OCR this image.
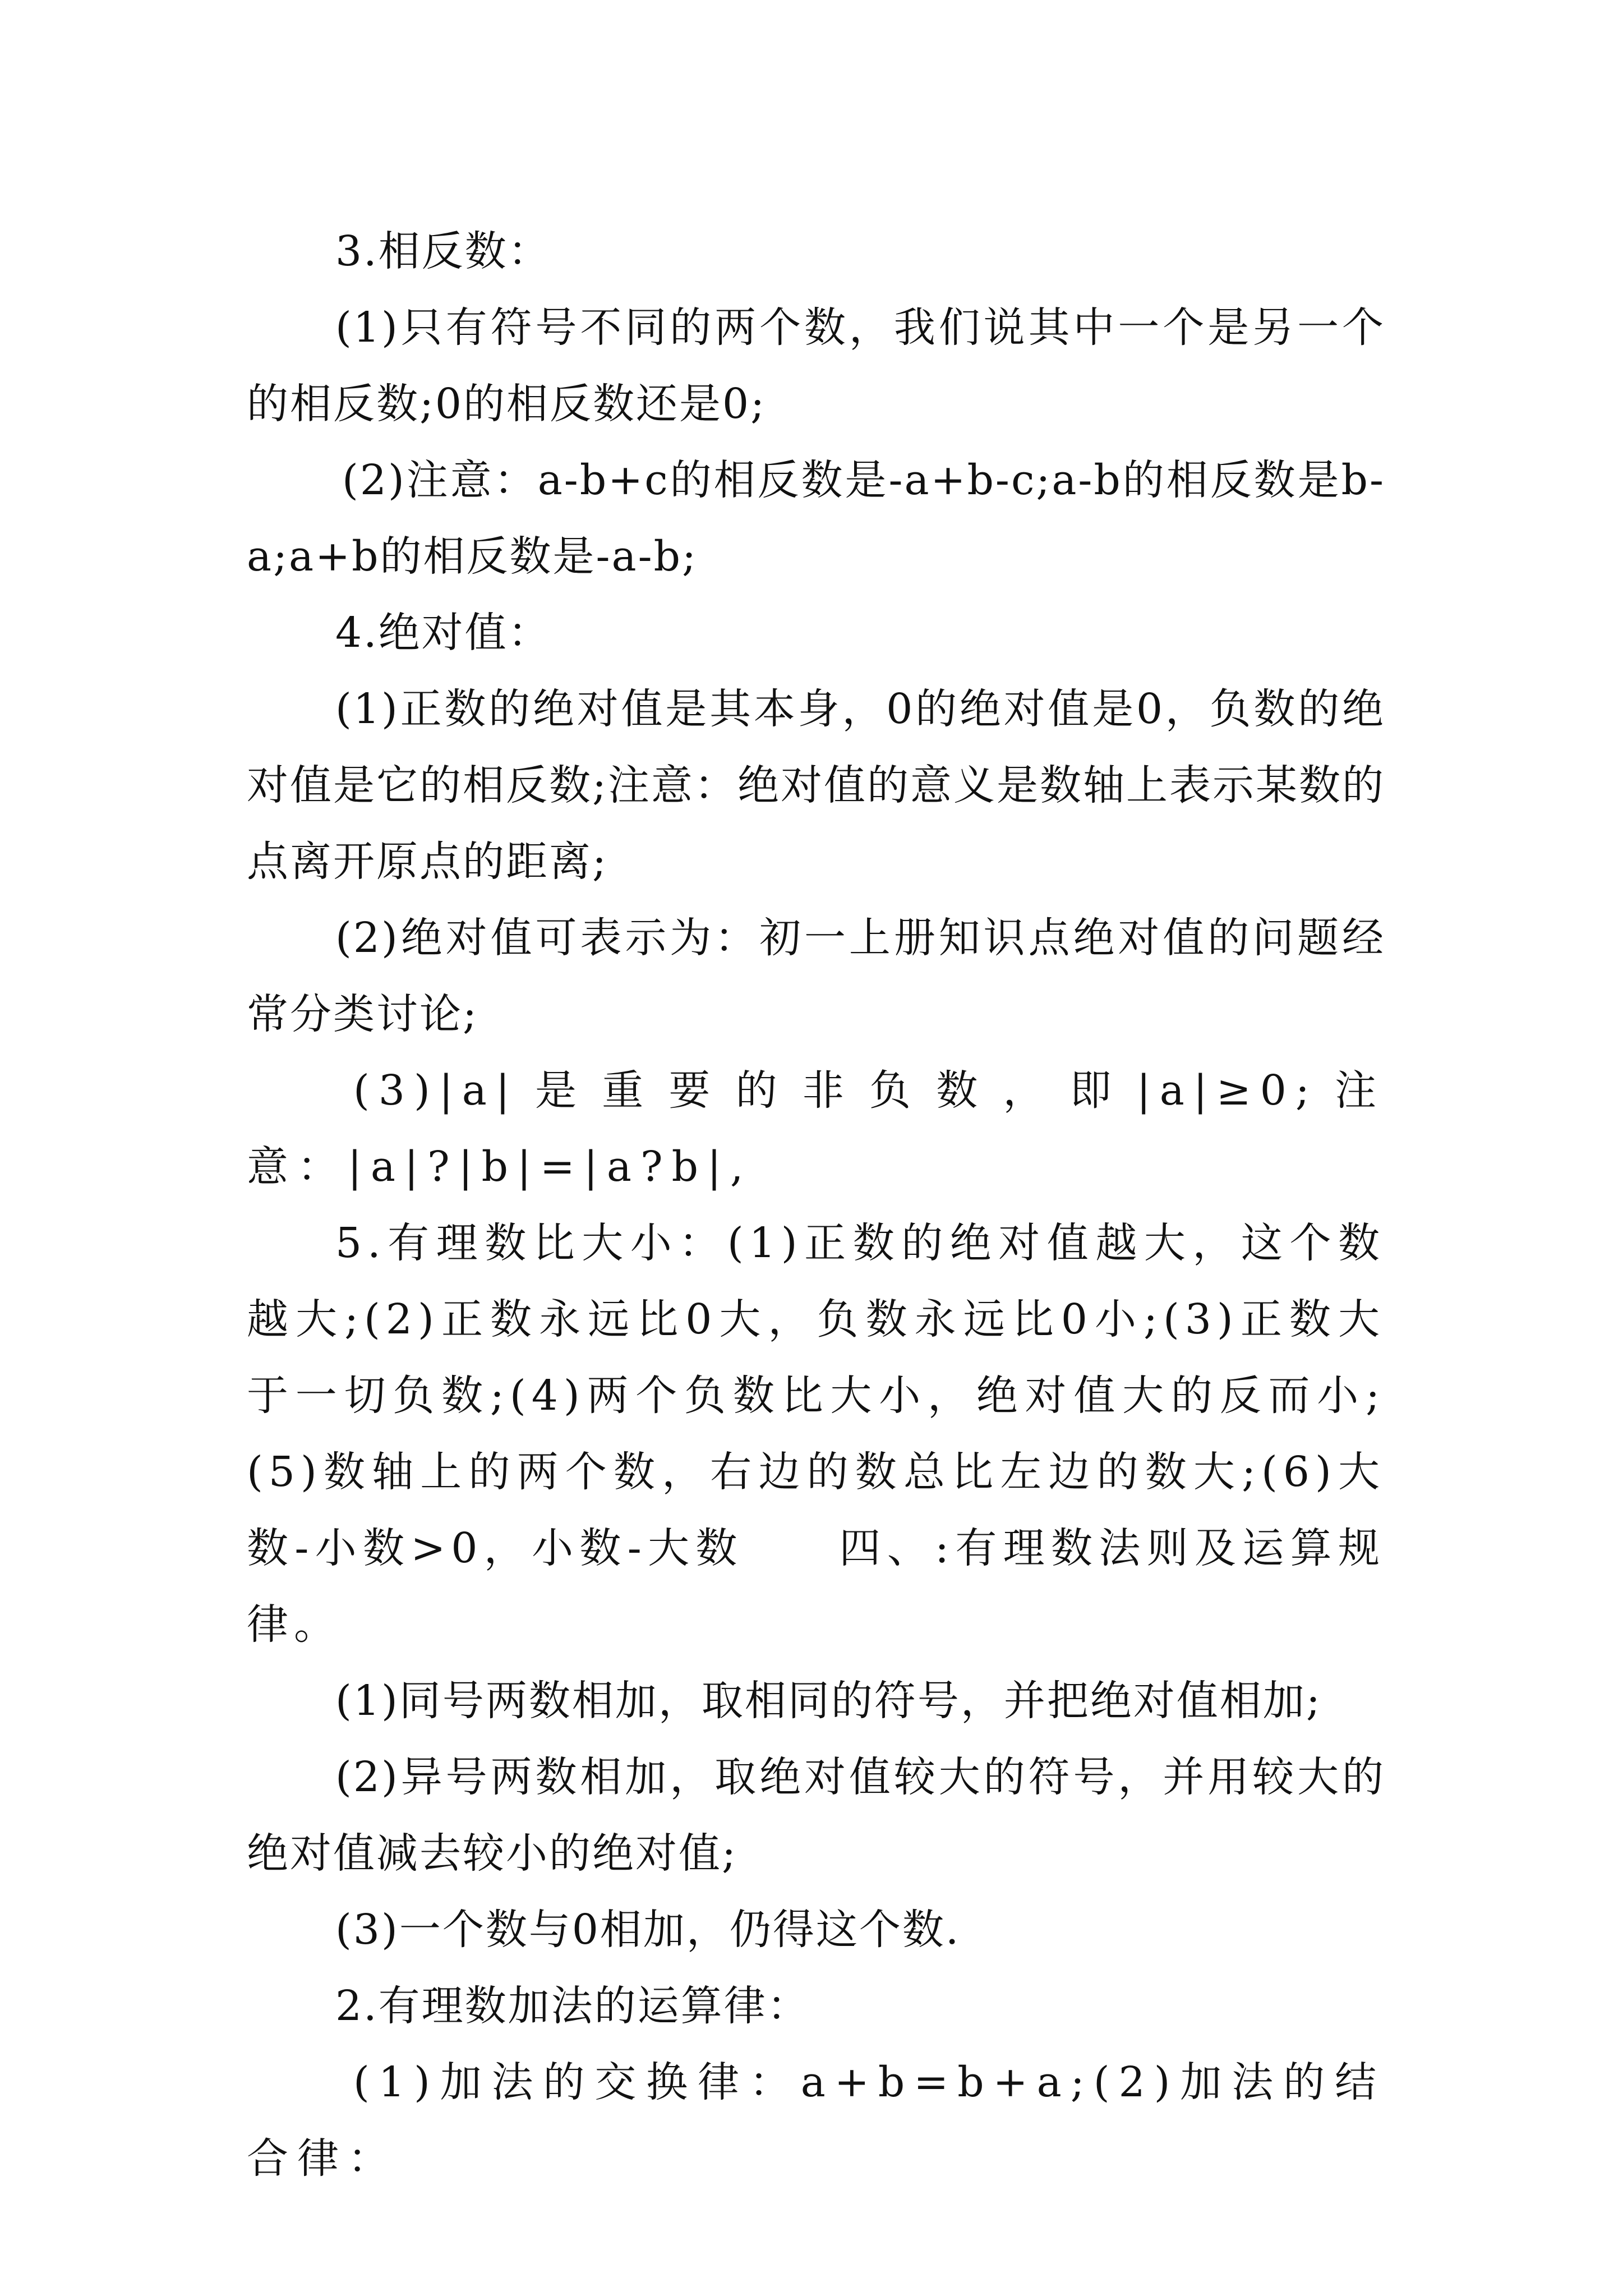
3.相反数：

(1)只有符号不同的两个数，我们说其中一个是另一个的相反数;0的相反数还是0;

(2)注意：a-b+c的相反数是-a+b-c;a-b的相反数是b-a;a+b的相反数是-a-b;

4.绝对值：

(1)正数的绝对值是其本身，0的绝对值是0，负数的绝对值是它的相反数;注意：绝对值的意义是数轴上表示某数的点离开原点的距离;

(2)绝对值可表示为：初一上册知识点绝对值的问题经常分类讨论;

(3)|a|是重要的非负数，即|a|≥0;注意：|a|?|b|=|a?b|,

5.有理数比大小：(1)正数的绝对值越大，这个数越大;(2)正数永远比0大，负数永远比0小;(3)正数大于一切负数;(4)两个负数比大小，绝对值大的反而小;(5)数轴上的两个数，右边的数总比左边的数大;(6)大数-小数>0，小数-大数　　四、:有理数法则及运算规律。

(1)同号两数相加，取相同的符号，并把绝对值相加;

(2)异号两数相加，取绝对值较大的符号，并用较大的绝对值减去较小的绝对值;

(3)一个数与0相加，仍得这个数.

2.有理数加法的运算律：

(1)加法的交换律：a+b=b+a;(2)加法的结合律：
